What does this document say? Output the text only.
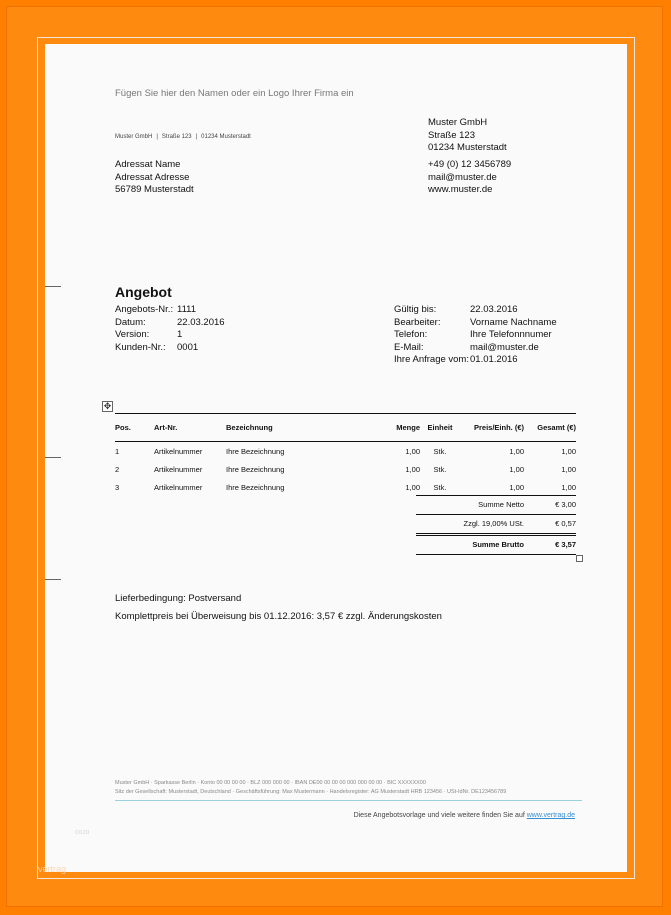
Fügen Sie hier den Namen oder ein Logo Ihrer Firma ein
Muster GmbH | Straße 123 | 01234 Musterstadt
Muster GmbH
Straße 123
01234 Musterstadt
+49 (0) 12 3456789
mail@muster.de
www.muster.de
Adressat Name
Adressat Adresse
56789 Musterstadt
Angebot
Angebots-Nr.: 1111
Datum:	22.03.2016
Version:	1
Kunden-Nr.:	0001
Gültig bis:	22.03.2016
Bearbeiter:	Vorname Nachname
Telefon:	Ihre Telefonnnumer
E-Mail:	mail@muster.de
Ihre Anfrage vom: 01.01.2016
✥
Pos.	Art-Nr.	Bezeichnung	Menge	Einheit	Preis/Einh. (€)	Gesamt (€)
1	Artikelnummer	Ihre Bezeichnung	1,00	Stk.	1,00	1,00
2	Artikelnummer	Ihre Bezeichnung	1,00	Stk.	1,00	1,00
3	Artikelnummer	Ihre Bezeichnung	1,00	Stk.	1,00	1,00
Summe Netto	€ 3,00
Zzgl. 19,00% USt.	€ 0,57
Summe Brutto	€ 3,57
Lieferbedingung: Postversand
Komplettpreis bei Überweisung bis 01.12.2016: 3,57 € zzgl. Änderungskosten
Muster GmbH · Sparkasse Berlin · Konto 00 00 00 00 · BLZ 000 000 00 · IBAN DE00 00 00 00 000 000 00 00 · BIC XXXXXX00
Sitz der Gesellschaft: Musterstadt, Deutschland · Geschäftsführung: Max Mustermann · Handelsregister: AG Musterstadt HRB 123456 · USt-IdNr. DE123456789
Diese Angebotsvorlage und viele weitere finden Sie auf www.vertrag.de
ᴄᴏᴊᴏ
vertrag
